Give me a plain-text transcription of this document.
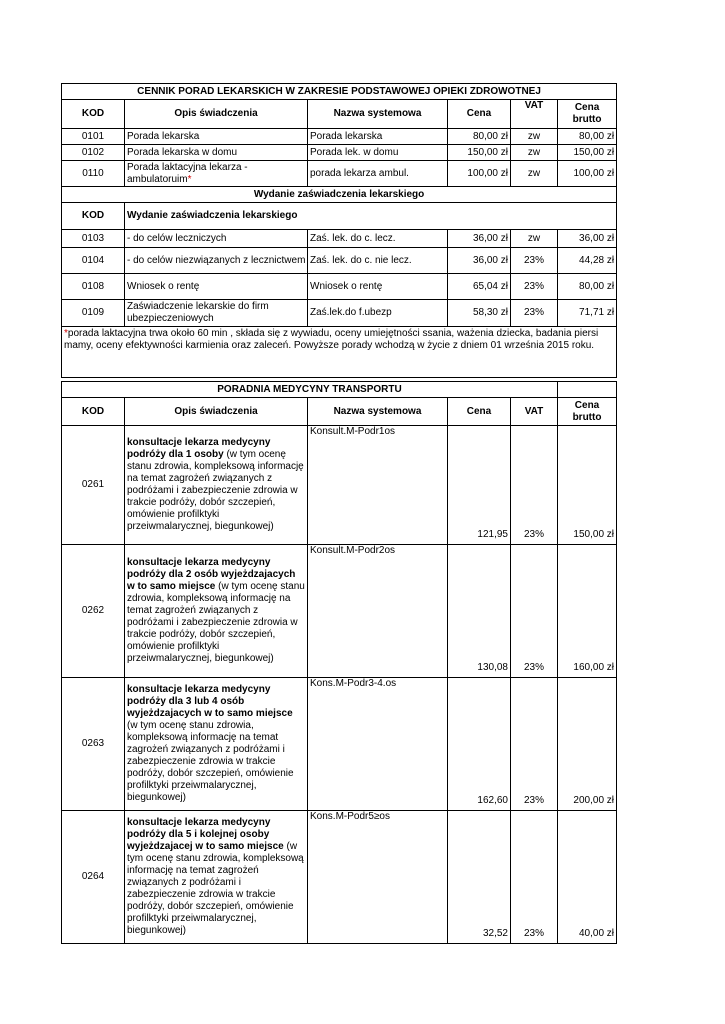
CENNIK PORAD LEKARSKICH W ZAKRESIE PODSTAWOWEJ OPIEKI ZDROWOTNEJ					
KOD	Opis świadczenia	Nazwa systemowa	Cena	VAT	Cena brutto
0101	Porada lekarska	Porada lekarska	80,00 zł	zw	80,00 zł
0102	Porada lekarska w domu	Porada lek. w domu	150,00 zł	zw	150,00 zł
0110	Porada laktacyjna lekarza - ambulatoruim*	porada lekarza ambul.	100,00 zł	zw	100,00 zł
Wydanie zaświadczenia lekarskiego					
KOD	Wydanie zaświadczenia lekarskiego				
0103	- do celów leczniczych	Zaś. lek. do c. lecz.	36,00 zł	zw	36,00 zł
0104	- do celów niezwiązanych z lecznictwem	Zaś. lek. do c. nie lecz.	36,00 zł	23%	44,28 zł
0108	Wniosek o rentę	Wniosek o rentę	65,04 zł	23%	80,00 zł
0109	Zaświadczenie lekarskie do firm ubezpieczeniowych	Zaś.lek.do f.ubezp	58,30 zł	23%	71,71 zł
*porada laktacyjna trwa około 60 min , składa się z wywiadu, oceny umiejętności ssania, ważenia dziecka, badania piersi mamy, oceny efektywności karmienia oraz zaleceń. Powyższe porady wchodzą w życie z dniem 01 września 2015 roku.					
PORADNIA MEDYCYNY TRANSPORTU					
KOD	Opis świadczenia	Nazwa systemowa	Cena	VAT	Cena brutto
0261	konsultacje lekarza medycyny podróży dla 1 osoby (w tym ocenę stanu zdrowia, kompleksową informację na temat zagrożeń związanych z podróżami i zabezpieczenie zdrowia w trakcie podróży, dobór szczepień, omówienie profilktyki przeiwmalarycznej, biegunkowej)	Konsult.M-Podr1os	121,95	23%	150,00 zł
0262	konsultacje lekarza medycyny podróży dla 2 osób wyjeżdzajacych w to samo miejsce (w tym ocenę stanu zdrowia, kompleksową informację na temat zagrożeń związanych z podróżami i zabezpieczenie zdrowia w trakcie podróży, dobór szczepień, omówienie profilktyki przeiwmalarycznej, biegunkowej)	Konsult.M-Podr2os	130,08	23%	160,00 zł
0263	konsultacje lekarza medycyny podróży dla 3 lub 4 osób wyjeżdzajacych w to samo miejsce (w tym ocenę stanu zdrowia, kompleksową informację na temat zagrożeń związanych z podróżami i zabezpieczenie zdrowia w trakcie podróży, dobór szczepień, omówienie profilktyki przeiwmalarycznej, biegunkowej)	Kons.M-Podr3-4.os	162,60	23%	200,00 zł
0264	konsultacje lekarza medycyny podróży dla 5 i kolejnej osoby wyjeżdzajacej w to samo miejsce (w tym ocenę stanu zdrowia, kompleksową informację na temat zagrożeń związanych z podróżami i zabezpieczenie zdrowia w trakcie podróży, dobór szczepień, omówienie profilktyki przeiwmalarycznej, biegunkowej)	Kons.M-Podr5≥os	32,52	23%	40,00 zł
